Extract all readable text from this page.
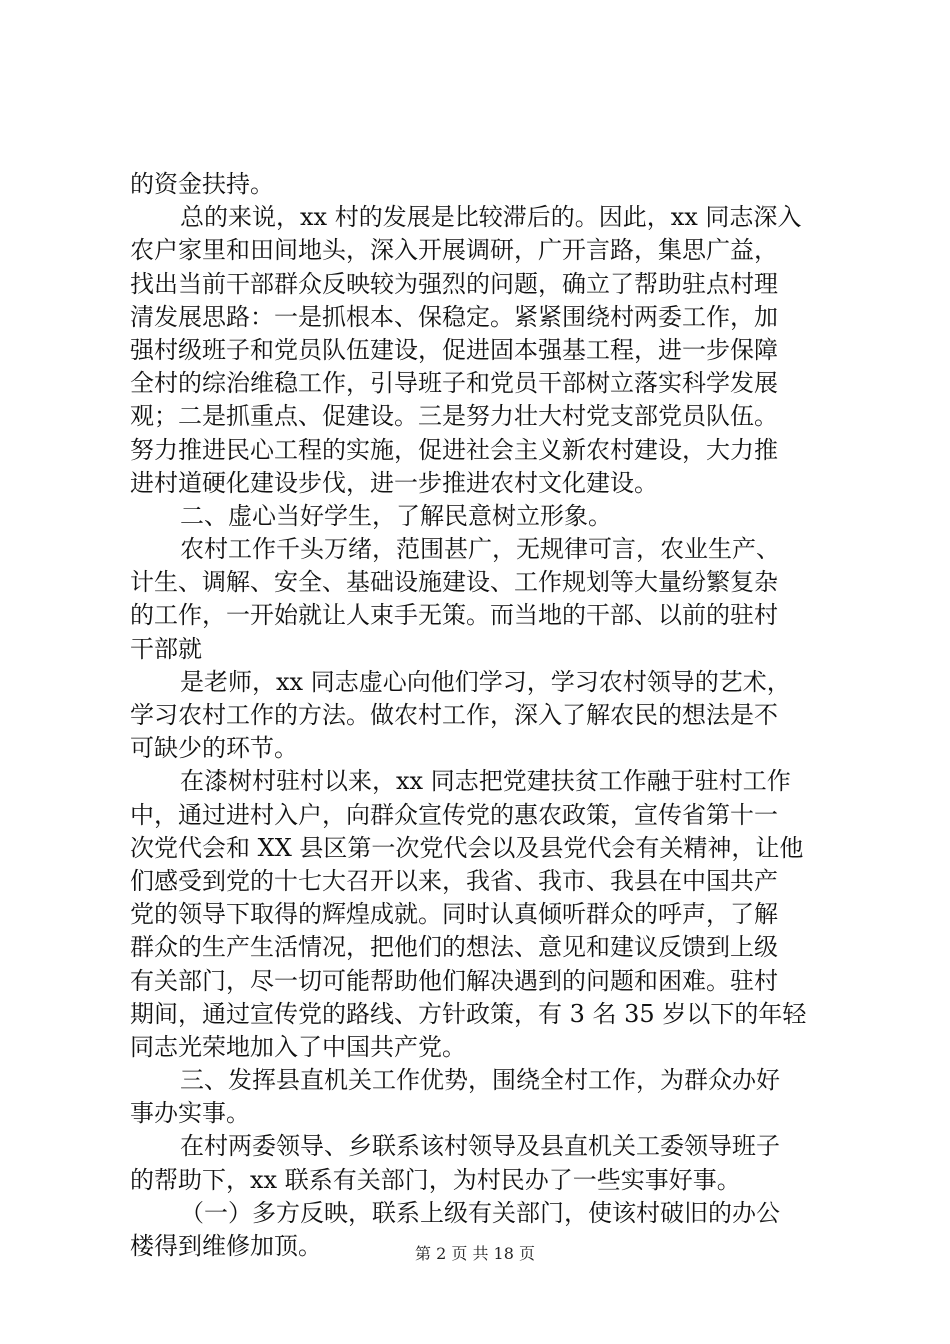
的资金扶持。
总的来说，xx 村的发展是比较滞后的。因此，xx 同志深入
农户家里和田间地头，深入开展调研，广开言路，集思广益，
找出当前干部群众反映较为强烈的问题，确立了帮助驻点村理
清发展思路：一是抓根本、保稳定。紧紧围绕村两委工作，加
强村级班子和党员队伍建设，促进固本强基工程，进一步保障
全村的综治维稳工作，引导班子和党员干部树立落实科学发展
观；二是抓重点、促建设。三是努力壮大村党支部党员队伍。
努力推进民心工程的实施，促进社会主义新农村建设，大力推
进村道硬化建设步伐，进一步推进农村文化建设。
二、虚心当好学生，了解民意树立形象。
农村工作千头万绪，范围甚广，无规律可言，农业生产、
计生、调解、安全、基础设施建设、工作规划等大量纷繁复杂
的工作，一开始就让人束手无策。而当地的干部、以前的驻村
干部就
是老师，xx 同志虚心向他们学习，学习农村领导的艺术，
学习农村工作的方法。做农村工作，深入了解农民的想法是不
可缺少的环节。
在漆树村驻村以来，xx 同志把党建扶贫工作融于驻村工作
中，通过进村入户，向群众宣传党的惠农政策，宣传省第十一
次党代会和 XX 县区第一次党代会以及县党代会有关精神，让他
们感受到党的十七大召开以来，我省、我市、我县在中国共产
党的领导下取得的辉煌成就。同时认真倾听群众的呼声，了解
群众的生产生活情况，把他们的想法、意见和建议反馈到上级
有关部门，尽一切可能帮助他们解决遇到的问题和困难。驻村
期间，通过宣传党的路线、方针政策，有 3 名 35 岁以下的年轻
同志光荣地加入了中国共产党。
三、发挥县直机关工作优势，围绕全村工作，为群众办好
事办实事。
在村两委领导、乡联系该村领导及县直机关工委领导班子
的帮助下，xx 联系有关部门，为村民办了一些实事好事。
（一）多方反映，联系上级有关部门，使该村破旧的办公
楼得到维修加顶。	第 2 页 共 18 页
